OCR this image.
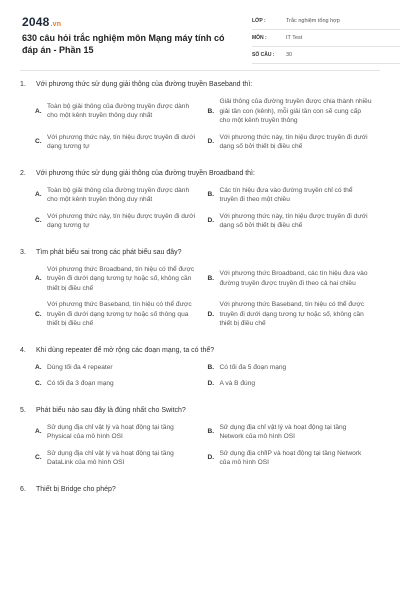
2048.vn
630 câu hỏi trắc nghiệm môn Mạng máy tính có đáp án - Phần 15
LỚP :	Trắc nghiệm tổng hợp
MÔN :	IT Test
SỐ CÂU :	30
1.	Với phương thức sử dụng giải thông của đường truyền Baseband thì:
A.
Toàn bộ giải thông của đường truyền được dành cho một kênh truyền thông duy nhất
B.
Giải thông của đường truyền được chia thành nhiều giải tần con (kênh), mỗi giải tần con sẽ cung cấp cho một kênh truyền thông
C.
Với phương thức này, tín hiệu được truyền đi dưới dạng tương tự
D.
Với phương thức này, tín hiệu được truyền đi dưới dạng số bởi thiết bị điều chế
2.	Với phương thức sử dụng giải thông của đường truyền Broadband thì:
A.
Toàn bộ giải thông của đường truyền được dành cho một kênh truyền thông duy nhất
B.
Các tín hiệu đưa vào đường truyền chỉ có thể truyền đi theo một chiều
C.
Với phương thức này, tín hiệu được truyền đi dưới dạng tương tự
D.
Với phương thức này, tín hiệu được truyền đi dưới dạng số bởi thiết bị điều chế
3.	Tìm phát biểu sai trong các phát biểu sau đây?
A.
Với phương thức Broadband, tín hiệu có thể được truyền đi dưới dạng tương tự hoặc số, không cần thiết bị điều chế
B.
Với phương thức Broadband, các tín hiệu đưa vào đường truyền được truyền đi theo cả hai chiều
C.
Với phương thức Baseband, tín hiệu có thể được truyền đi dưới dạng tương tự hoặc số thông qua thiết bị điều chế
D.
Với phương thức Baseband, tín hiệu có thể được truyền đi dưới dạng tương tự hoặc số, không cần thiết bị điều chế
4.	Khi dùng repeater để mở rộng các đoạn mạng, ta có thể?
A. Dùng tối đa 4 repeater	B. Có tối đa 5 đoạn mạng
C. Có tối đa 3 đoạn mạng	D. A và B đúng
5.	Phát biểu nào sau đây là đúng nhất cho Switch?
A.
Sử dụng địa chỉ vật lý và hoạt động tại tầng Physical của mô hình OSI
B.
Sử dụng địa chỉ vật lý và hoạt động tại tầng Network của mô hình OSI
C.
Sử dụng địa chỉ vật lý và hoạt động tại tầng DataLink của mô hình OSI
D.
Sử dụng địa chỉIP và hoạt động tại tầng Network của mô hình OSI
6.	Thiết bị Bridge cho phép?
